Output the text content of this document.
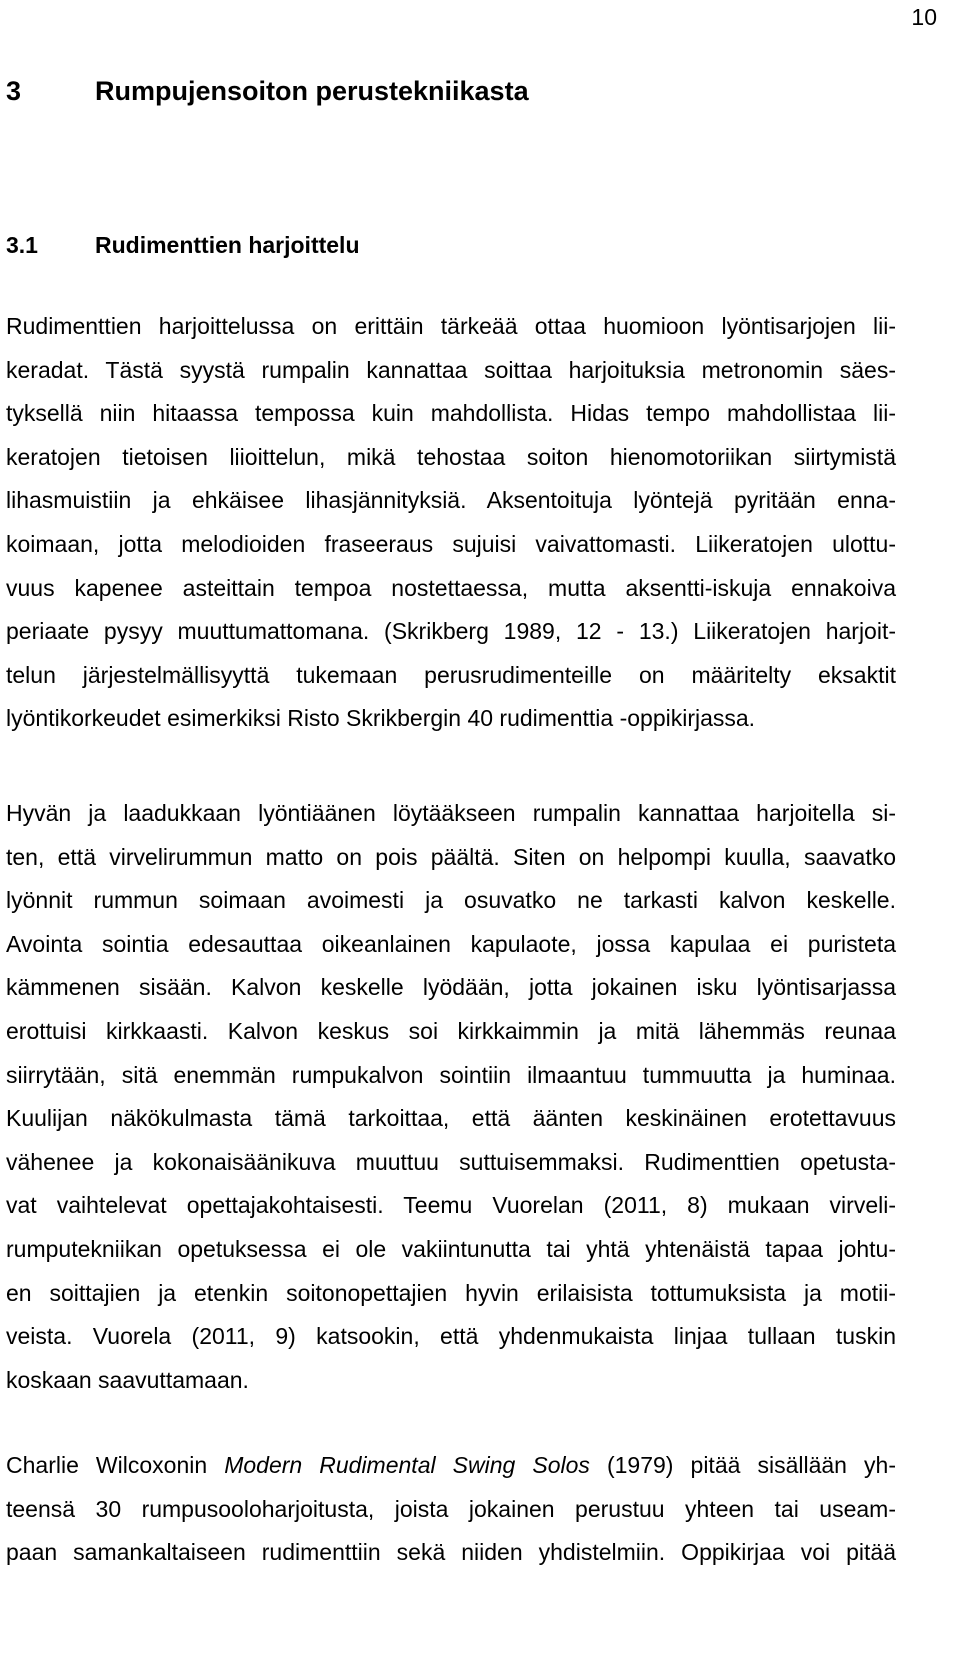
10
3	Rumpujensoiton perustekniikasta
3.1 Rudimenttien harjoittelu
Rudimenttien harjoittelussa on erittäin tärkeää ottaa huomioon lyöntisarjojen lii-
keradat. Tästä syystä rumpalin kannattaa soittaa harjoituksia metronomin säes-
tyksellä niin hitaassa tempossa kuin mahdollista. Hidas tempo mahdollistaa lii-
keratojen tietoisen liioittelun, mikä tehostaa soiton hienomotoriikan siirtymistä
lihasmuistiin ja ehkäisee lihasjännityksiä. Aksentoituja lyöntejä pyritään enna-
koimaan, jotta melodioiden fraseeraus sujuisi vaivattomasti. Liikeratojen ulottu-
vuus kapenee asteittain tempoa nostettaessa, mutta aksentti-iskuja ennakoiva
periaate pysyy muuttumattomana. (Skrikberg 1989, 12 - 13.) Liikeratojen harjoit-
telun järjestelmällisyyttä tukemaan perusrudimenteille on määritelty eksaktit
lyöntikorkeudet esimerkiksi Risto Skrikbergin 40 rudimenttia -oppikirjassa.
Hyvän ja laadukkaan lyöntiäänen löytääkseen rumpalin kannattaa harjoitella si-
ten, että virvelirummun matto on pois päältä. Siten on helpompi kuulla, saavatko
lyönnit rummun soimaan avoimesti ja osuvatko ne tarkasti kalvon keskelle.
Avointa sointia edesauttaa oikeanlainen kapulaote, jossa kapulaa ei puristeta
kämmenen sisään. Kalvon keskelle lyödään, jotta jokainen isku lyöntisarjassa
erottuisi kirkkaasti. Kalvon keskus soi kirkkaimmin ja mitä lähemmäs reunaa
siirrytään, sitä enemmän rumpukalvon sointiin ilmaantuu tummuutta ja huminaa.
Kuulijan näkökulmasta tämä tarkoittaa, että äänten keskinäinen erotettavuus
vähenee ja kokonaisäänikuva muuttuu suttuisemmaksi. Rudimenttien opetusta-
vat vaihtelevat opettajakohtaisesti. Teemu Vuorelan (2011, 8) mukaan virveli-
rumputekniikan opetuksessa ei ole vakiintunutta tai yhtä yhtenäistä tapaa johtu-
en soittajien ja etenkin soitonopettajien hyvin erilaisista tottumuksista ja motii-
veista. Vuorela (2011, 9) katsookin, että yhdenmukaista linjaa tullaan tuskin
koskaan saavuttamaan.
Charlie Wilcoxonin Modern Rudimental Swing Solos (1979) pitää sisällään yh-
teensä 30 rumpusooloharjoitusta, joista jokainen perustuu yhteen tai useam-
paan samankaltaiseen rudimenttiin sekä niiden yhdistelmiin. Oppikirjaa voi pitää
